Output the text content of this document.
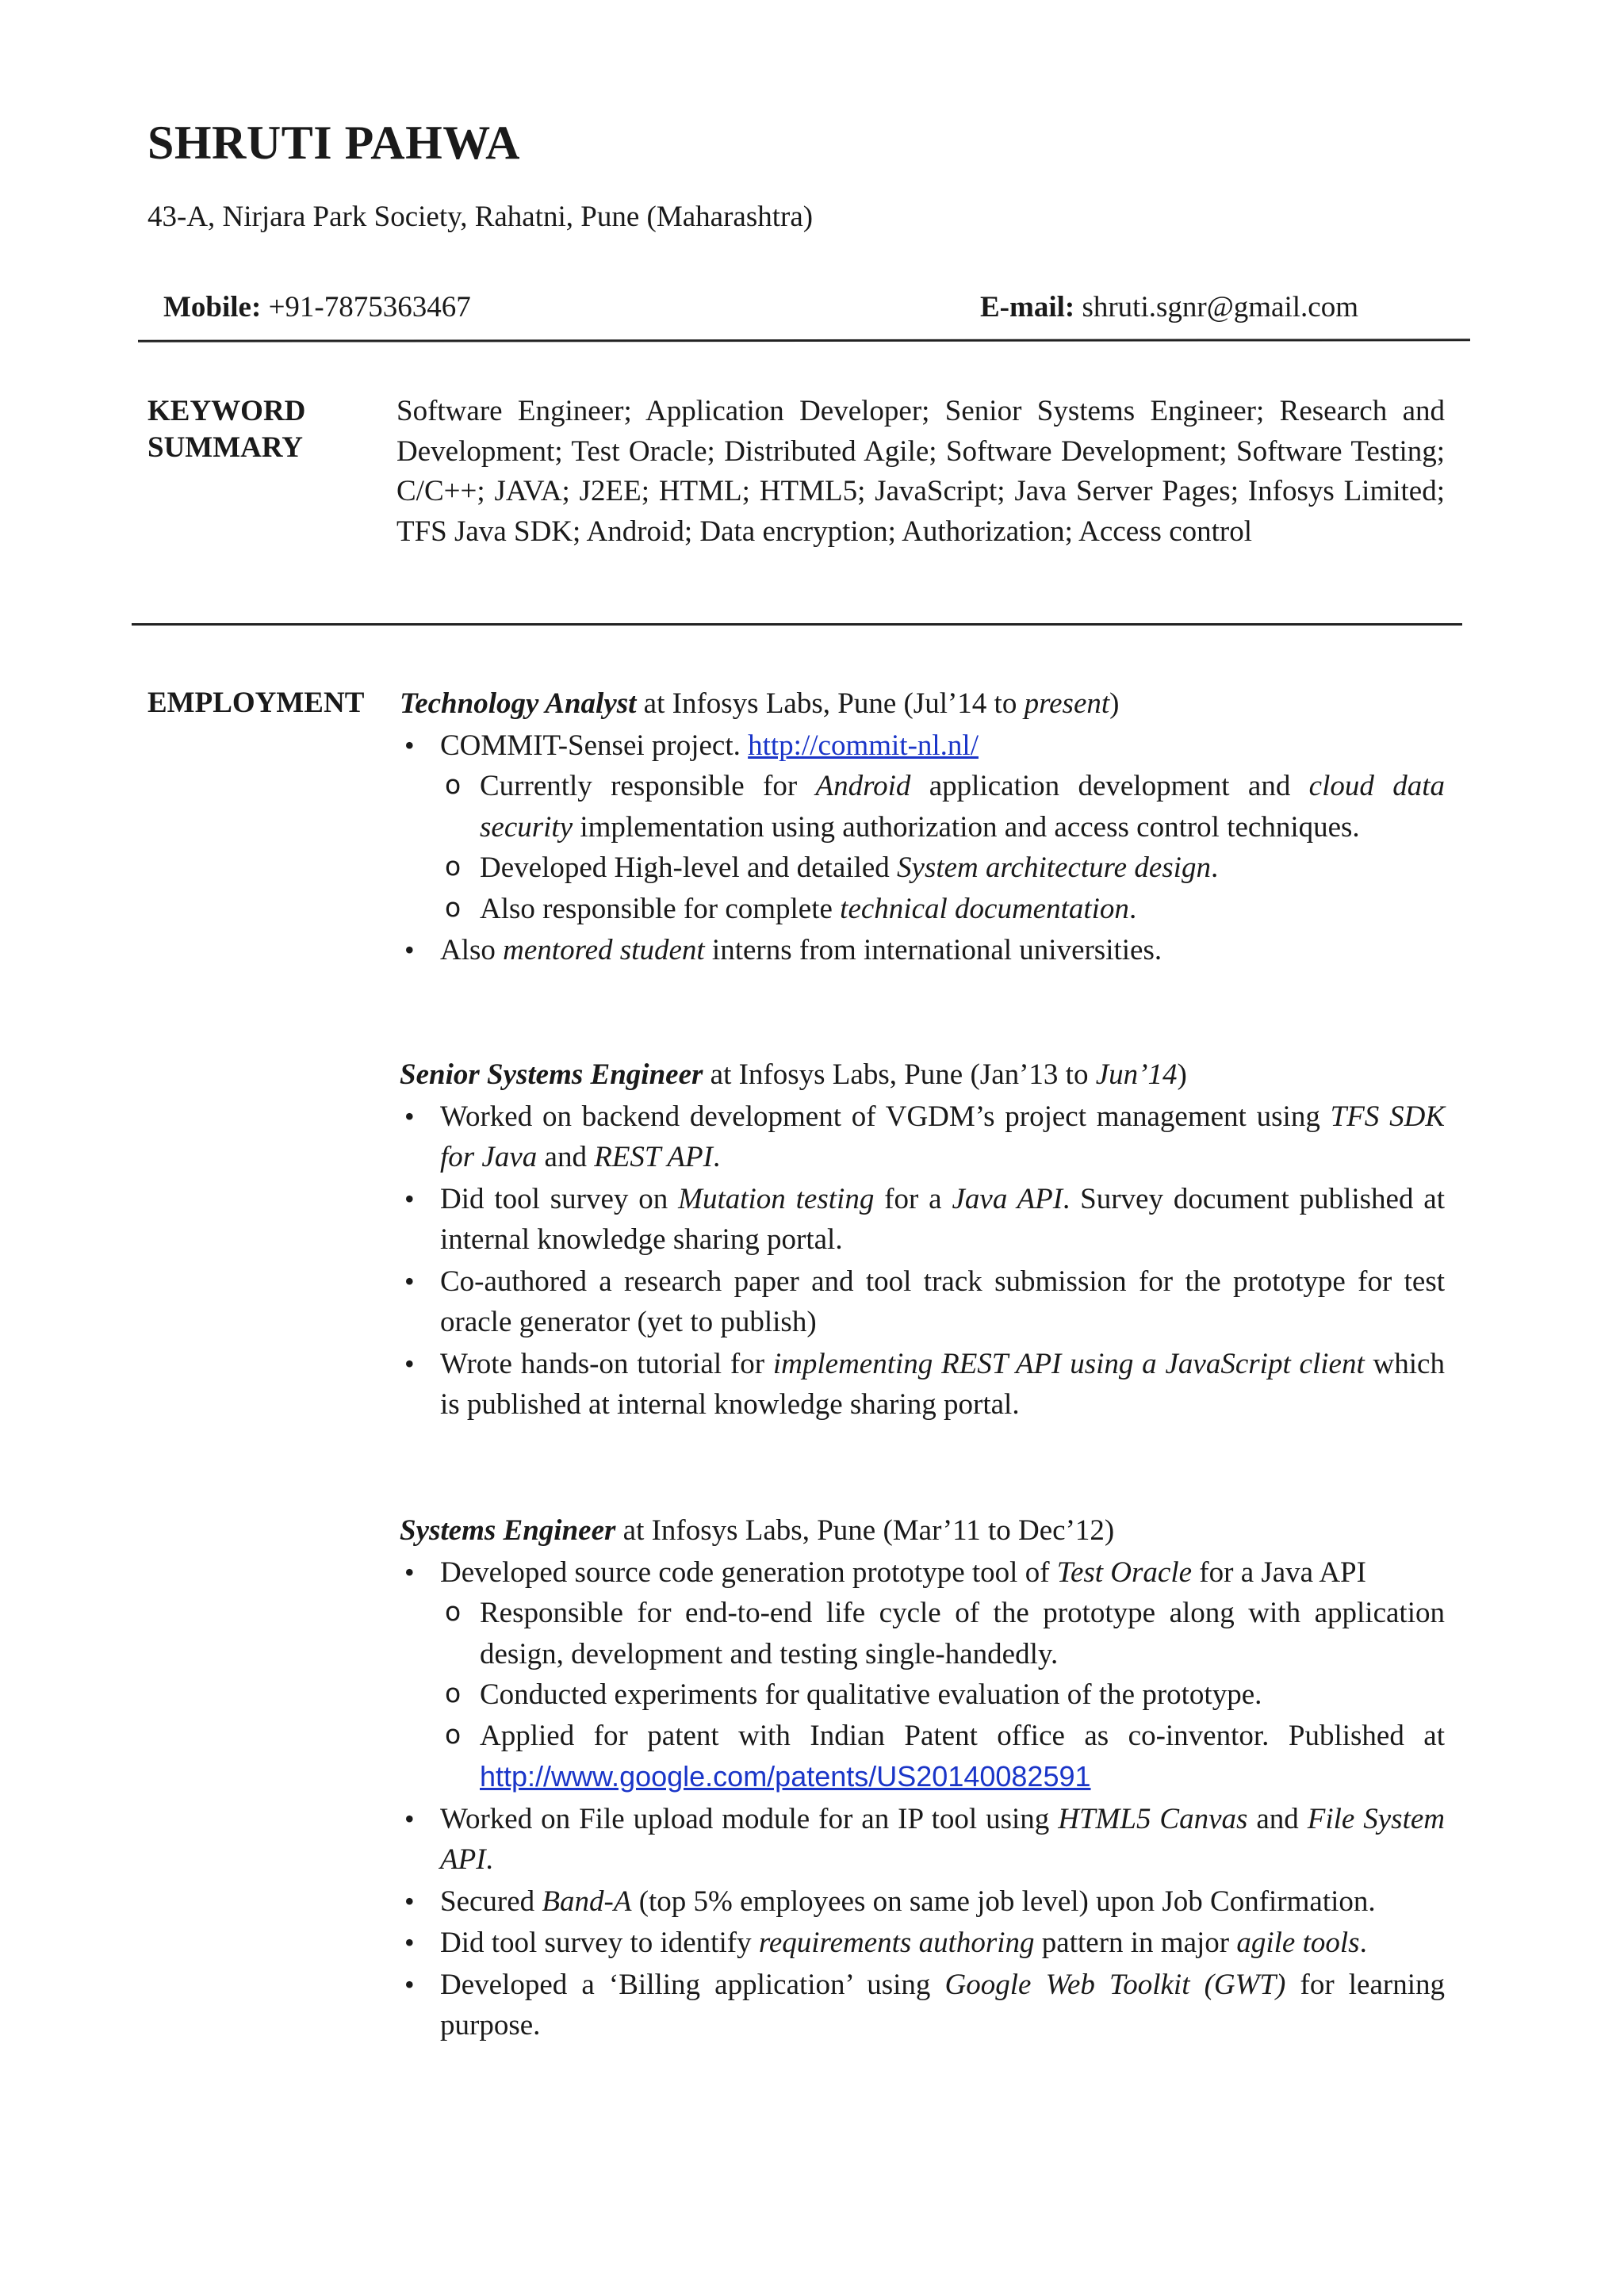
SHRUTI PAHWA
43-A, Nirjara Park Society, Rahatni, Pune (Maharashtra)
Mobile: +91-7875363467	E-mail: shruti.sgnr@gmail.com
KEYWORD
SUMMARY
Software Engineer; Application Developer; Senior Systems Engineer; Research and Development; Test Oracle; Distributed Agile; Software Development; Software Testing; C/C++; JAVA; J2EE; HTML; HTML5; JavaScript; Java Server Pages; Infosys Limited; TFS Java SDK; Android; Data encryption; Authorization; Access control
EMPLOYMENT Technology Analyst at Infosys Labs, Pune (Jul’14 to present)
• COMMIT-Sensei project. http://commit-nl.nl/
o Currently responsible for Android application development and cloud data security implementation using authorization and access control techniques.
o Developed High-level and detailed System architecture design.
o Also responsible for complete technical documentation.
• Also mentored student interns from international universities.
Senior Systems Engineer at Infosys Labs, Pune (Jan’13 to Jun’14)
• Worked on backend development of VGDM’s project management using TFS SDK for Java and REST API.
• Did tool survey on Mutation testing for a Java API. Survey document published at internal knowledge sharing portal.
• Co-authored a research paper and tool track submission for the prototype for test oracle generator (yet to publish)
• Wrote hands-on tutorial for implementing REST API using a JavaScript client which is published at internal knowledge sharing portal.
Systems Engineer at Infosys Labs, Pune (Mar’11 to Dec’12)
• Developed source code generation prototype tool of Test Oracle for a Java API
o Responsible for end-to-end life cycle of the prototype along with application design, development and testing single-handedly.
o Conducted experiments for qualitative evaluation of the prototype.
o Applied for patent with Indian Patent office as co-inventor. Published at http://www.google.com/patents/US20140082591
• Worked on File upload module for an IP tool using HTML5 Canvas and File System API.
• Secured Band-A (top 5% employees on same job level) upon Job Confirmation.
• Did tool survey to identify requirements authoring pattern in major agile tools.
• Developed a ‘Billing application’ using Google Web Toolkit (GWT) for learning purpose.
